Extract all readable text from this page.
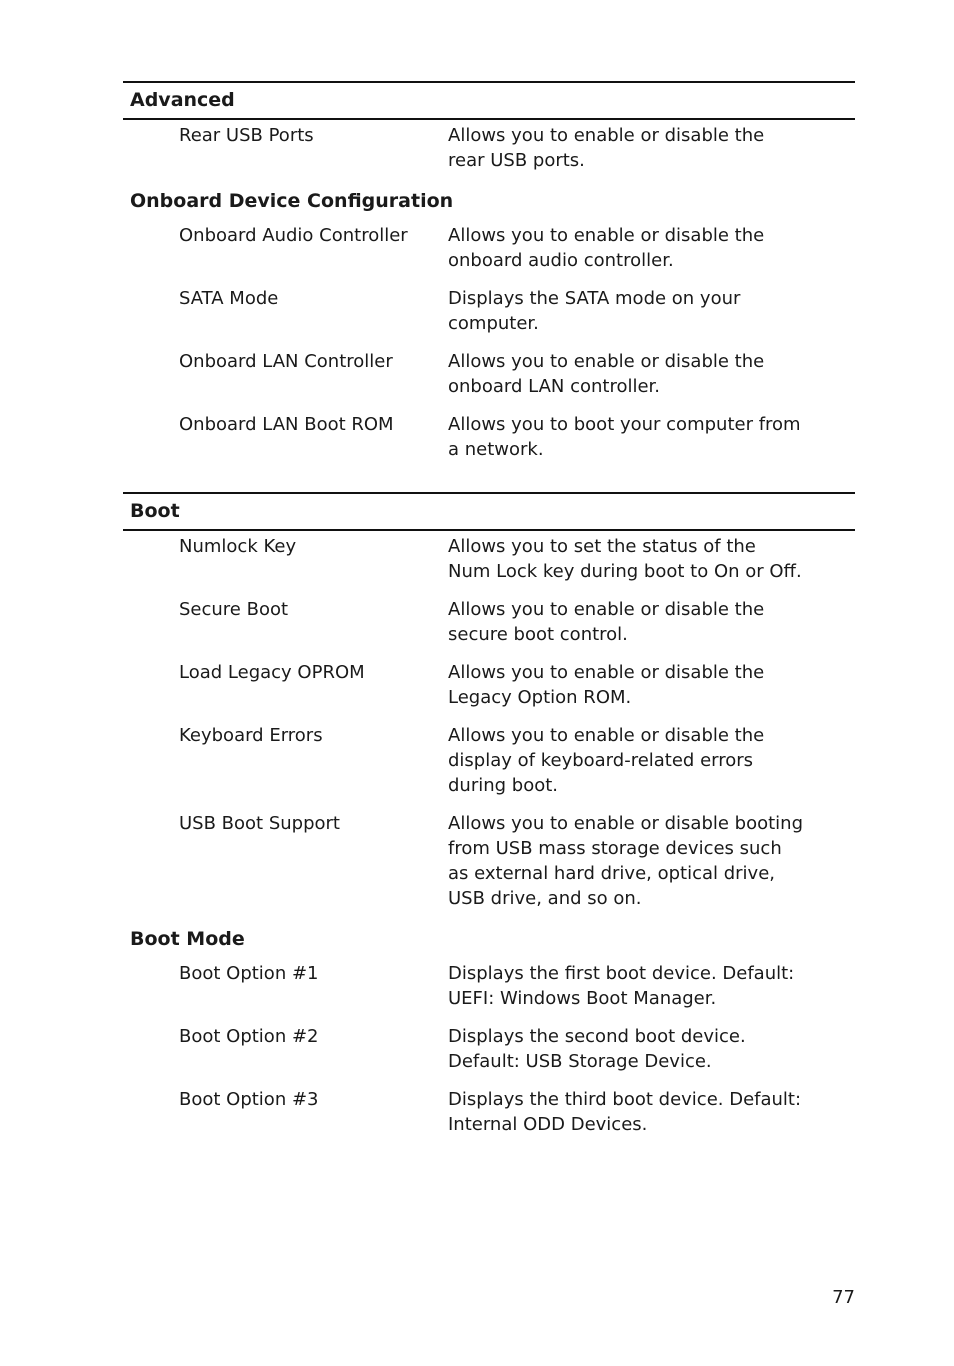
Advanced
Rear USB Ports	Allows you to enable or disable the rear USB ports.
Onboard Device Configuration
Onboard Audio Controller	Allows you to enable or disable the onboard audio controller.
SATA Mode	Displays the SATA mode on your computer.
Onboard LAN Controller	Allows you to enable or disable the onboard LAN controller.
Onboard LAN Boot ROM	Allows you to boot your computer from a network.
Boot
Numlock Key	Allows you to set the status of the Num Lock key during boot to On or Off.
Secure Boot	Allows you to enable or disable the secure boot control.
Load Legacy OPROM	Allows you to enable or disable the Legacy Option ROM.
Keyboard Errors	Allows you to enable or disable the display of keyboard-related errors during boot.
USB Boot Support	Allows you to enable or disable booting from USB mass storage devices such as external hard drive, optical drive, USB drive, and so on.
Boot Mode
Boot Option #1	Displays the first boot device. Default: UEFI: Windows Boot Manager.
Boot Option #2	Displays the second boot device. Default: USB Storage Device.
Boot Option #3	Displays the third boot device. Default: Internal ODD Devices.
77
